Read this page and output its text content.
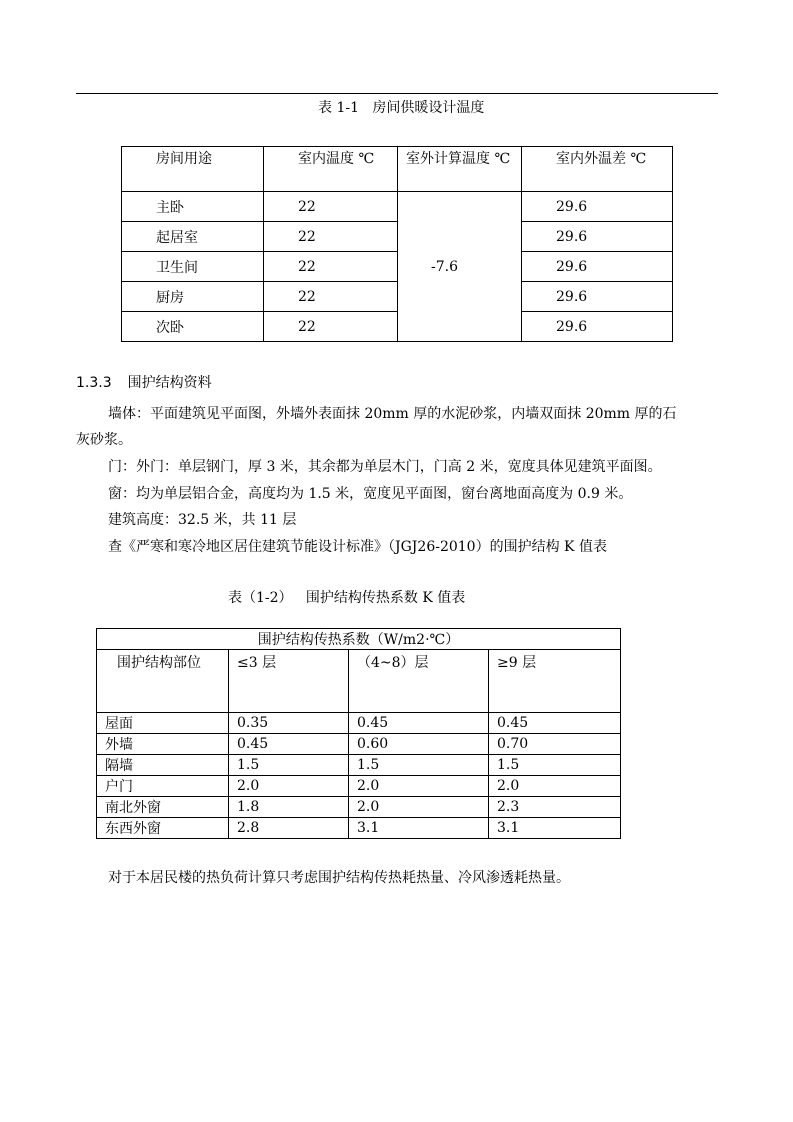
表 1-1   房间供暖设计温度
房间用途	室内温度 ℃	室外计算温度 ℃	室内外温差 ℃
主卧	22	-7.6	29.6
起居室	22		29.6
卫生间	22		29.6
厨房	22		29.6
次卧	22		29.6
1.3.3 围护结构资料
墙体：平面建筑见平面图，外墙外表面抹 20mm 厚的水泥砂浆，内墙双面抹 20mm 厚的石
灰砂浆。
门：外门：单层钢门，厚 3 米，其余都为单层木门，门高 2 米，宽度具体见建筑平面图。
窗：均为单层铝合金，高度均为 1.5 米，宽度见平面图，窗台离地面高度为 0.9 米。
建筑高度：32.5 米，共 11 层
查《严寒和寒冷地区居住建筑节能设计标准》（JGJ26-2010）的围护结构 K 值表
表（1-2）   围护结构传热系数 K 值表
围护结构传热系数（W/m2·℃）			
围护结构部位	≤3 层	（4~8）层	≥9 层
屋面	0.35	0.45	0.45
外墙	0.45	0.60	0.70
隔墙	1.5	1.5	1.5
户门	2.0	2.0	2.0
南北外窗	1.8	2.0	2.3
东西外窗	2.8	3.1	3.1
对于本居民楼的热负荷计算只考虑围护结构传热耗热量、冷风渗透耗热量。
